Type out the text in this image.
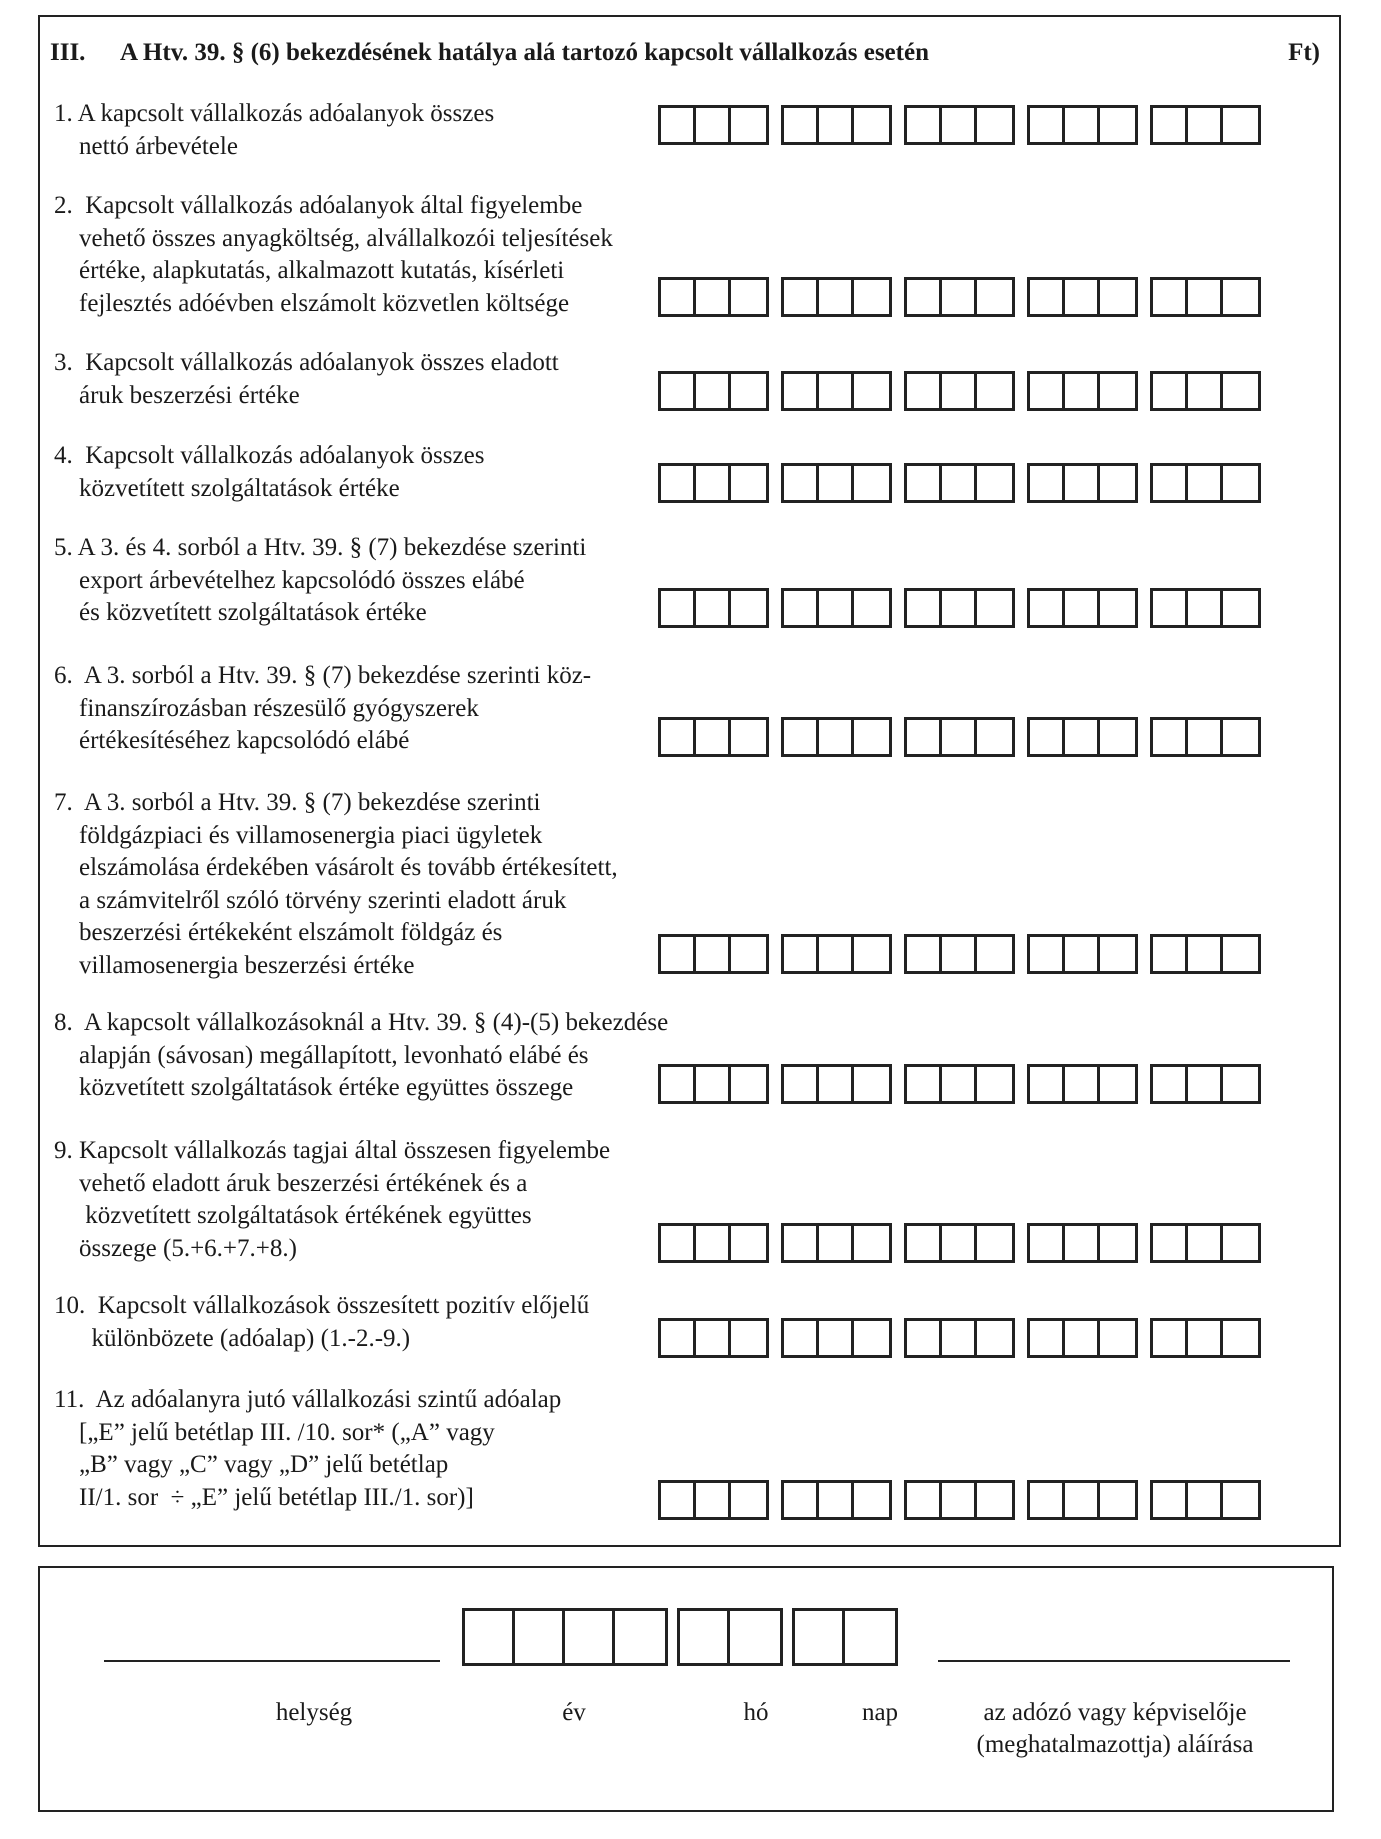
III. A Htv. 39. § (6) bekezdésének hatálya alá tartozó kapcsolt vállalkozás esetén	Ft)
1. A kapcsolt vállalkozás adóalanyok összes
nettó árbevétele
2.  Kapcsolt vállalkozás adóalanyok által figyelembe
vehető összes anyagköltség, alvállalkozói teljesítések
értéke, alapkutatás, alkalmazott kutatás, kísérleti
fejlesztés adóévben elszámolt közvetlen költsége
3.  Kapcsolt vállalkozás adóalanyok összes eladott
áruk beszerzési értéke
4.  Kapcsolt vállalkozás adóalanyok összes
közvetített szolgáltatások értéke
5. A 3. és 4. sorból a Htv. 39. § (7) bekezdése szerinti
export árbevételhez kapcsolódó összes elábé
és közvetített szolgáltatások értéke
6.  A 3. sorból a Htv. 39. § (7) bekezdése szerinti köz-
finanszírozásban részesülő gyógyszerek
értékesítéséhez kapcsolódó elábé
7.  A 3. sorból a Htv. 39. § (7) bekezdése szerinti
földgázpiaci és villamosenergia piaci ügyletek
elszámolása érdekében vásárolt és tovább értékesített,
a számvitelről szóló törvény szerinti eladott áruk
beszerzési értékeként elszámolt földgáz és
villamosenergia beszerzési értéke
8.  A kapcsolt vállalkozásoknál a Htv. 39. § (4)-(5) bekezdése
alapján (sávosan) megállapított, levonható elábé és
közvetített szolgáltatások értéke együttes összege
9. Kapcsolt vállalkozás tagjai által összesen figyelembe
vehető eladott áruk beszerzési értékének és a
közvetített szolgáltatások értékének együttes
összege (5.+6.+7.+8.)
10.  Kapcsolt vállalkozások összesített pozitív előjelű
különbözete (adóalap) (1.-2.-9.)
11.  Az adóalanyra jutó vállalkozási szintű adóalap
[„E” jelű betétlap III. /10. sor* („A” vagy
„B” vagy „C” vagy „D” jelű betétlap
II/1. sor  ÷ „E” jelű betétlap III./1. sor)]
helység	év	hó	nap	az adózó vagy képviselője
(meghatalmazottja) aláírása
